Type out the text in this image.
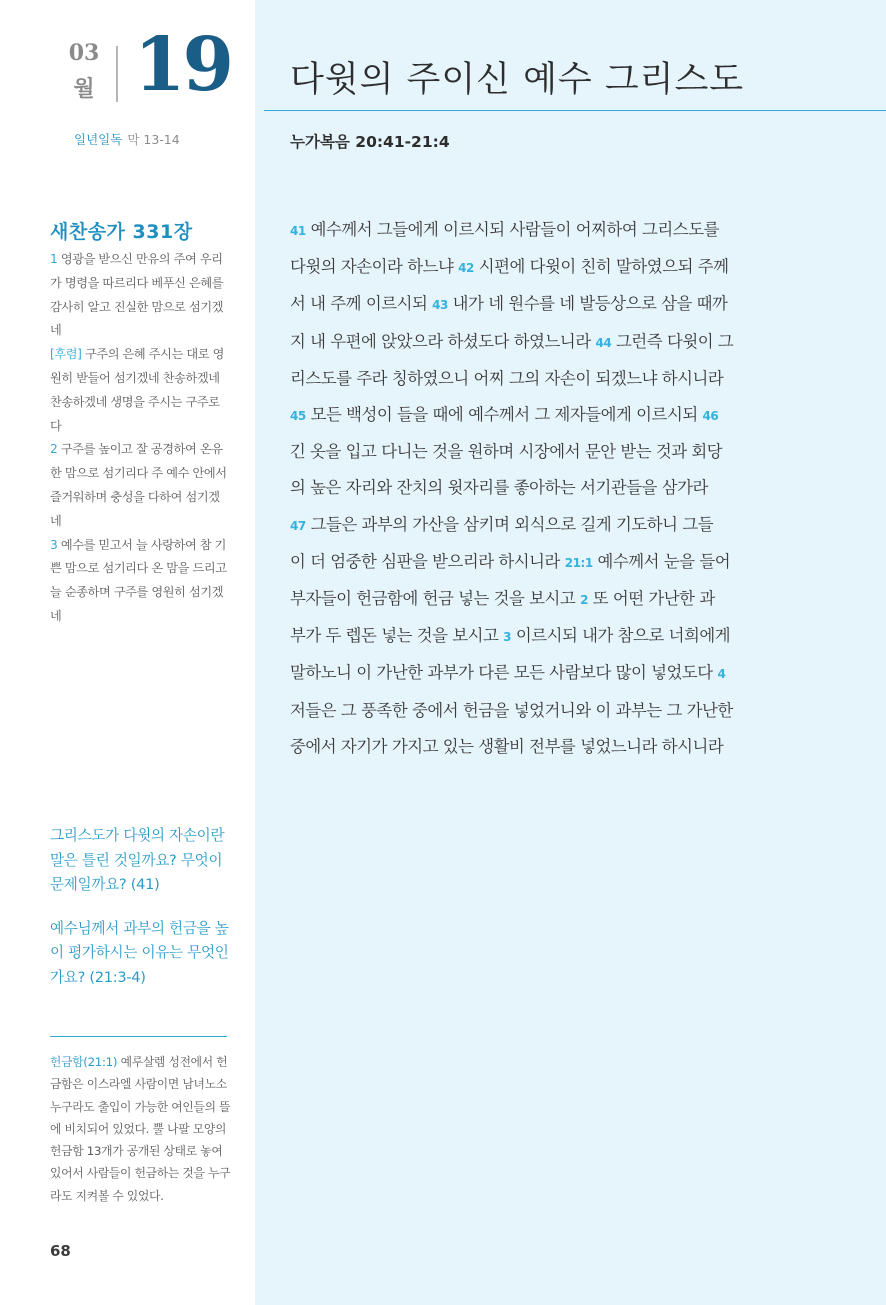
03
월 19
일년일독 막 13-14
새찬송가 331장

1 영광을 받으신 만유의 주여 우리가 명령을 따르리다 베푸신 은혜를 감사히 알고 진실한 맘으로 섬기겠네

[후렴] 구주의 은혜 주시는 대로 영원히 받들어 섬기겠네 찬송하겠네 찬송하겠네 생명을 주시는 구주로다

2 구주를 높이고 잘 공경하여 온유한 맘으로 섬기리다 주 예수 안에서 즐거워하며 충성을 다하여 섬기겠네

3 예수를 믿고서 늘 사랑하여 참 기쁜 맘으로 섬기리다 온 맘을 드리고 늘 순종하며 구주를 영원히 섬기겠네

그리스도가 다윗의 자손이란 말은 틀린 것일까요? 무엇이 문제일까요? (41)

예수님께서 과부의 헌금을 높이 평가하시는 이유는 무엇인가요? (21:3-4)

헌금함(21:1) 예루살렘 성전에서 헌금함은 이스라엘 사람이면 남녀노소 누구라도 출입이 가능한 여인들의 뜰에 비치되어 있었다. 뿔 나팔 모양의 헌금함 13개가 공개된 상태로 놓여 있어서 사람들이 헌금하는 것을 누구라도 지켜볼 수 있었다.
68
다윗의 주이신 예수 그리스도
누가복음 20:41-21:4
41 예수께서 그들에게 이르시되 사람들이 어찌하여 그리스도를
다윗의 자손이라 하느냐 42 시편에 다윗이 친히 말하였으되 주께
서 내 주께 이르시되 43 내가 네 원수를 네 발등상으로 삼을 때까
지 내 우편에 앉았으라 하셨도다 하였느니라 44 그런즉 다윗이 그
리스도를 주라 칭하였으니 어찌 그의 자손이 되겠느냐 하시니라
45 모든 백성이 들을 때에 예수께서 그 제자들에게 이르시되 46
긴 옷을 입고 다니는 것을 원하며 시장에서 문안 받는 것과 회당
의 높은 자리와 잔치의 윗자리를 좋아하는 서기관들을 삼가라
47 그들은 과부의 가산을 삼키며 외식으로 길게 기도하니 그들
이 더 엄중한 심판을 받으리라 하시니라 21:1 예수께서 눈을 들어
부자들이 헌금함에 헌금 넣는 것을 보시고 2 또 어떤 가난한 과
부가 두 렙돈 넣는 것을 보시고 3 이르시되 내가 참으로 너희에게
말하노니 이 가난한 과부가 다른 모든 사람보다 많이 넣었도다 4
저들은 그 풍족한 중에서 헌금을 넣었거니와 이 과부는 그 가난한
중에서 자기가 가지고 있는 생활비 전부를 넣었느니라 하시니라
